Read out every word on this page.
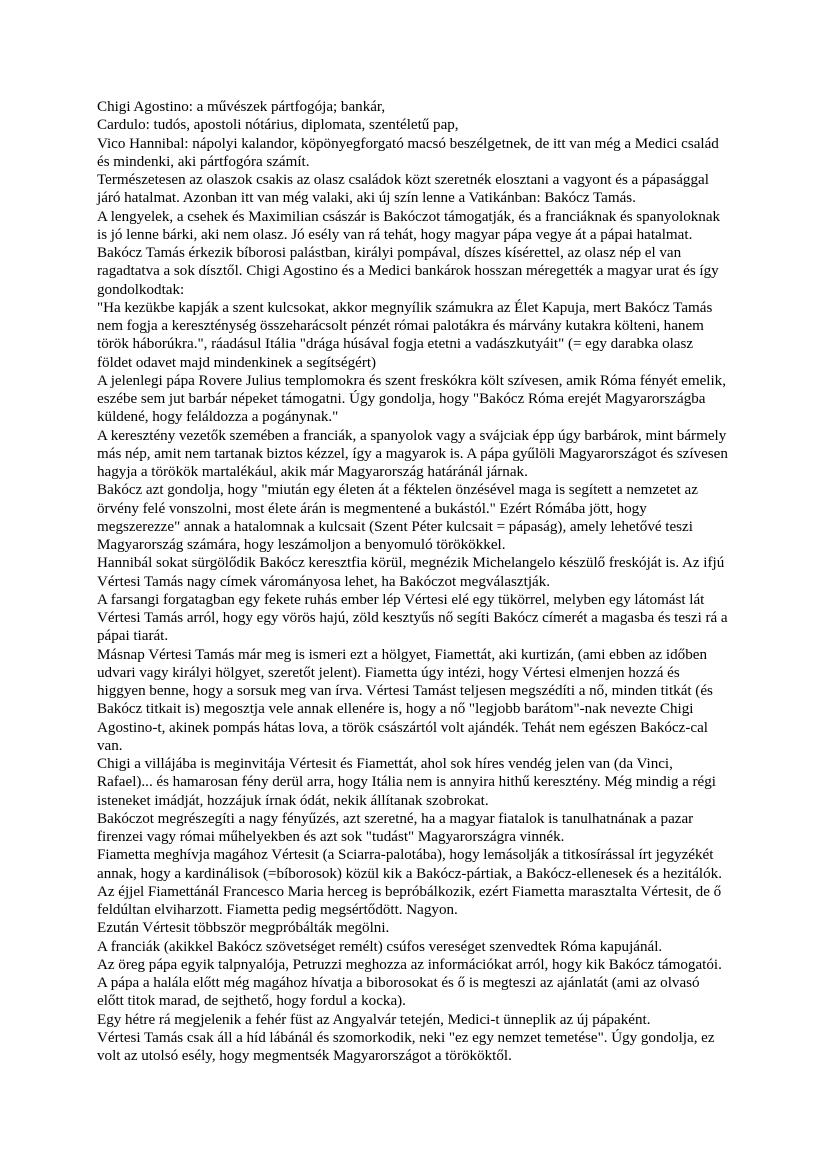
Chigi Agostino: a művészek pártfogója; bankár,

Cardulo: tudós, apostoli nótárius, diplomata, szentéletű pap,

Vico Hannibal: nápolyi kalandor, köpönyegforgató macsó beszélgetnek, de itt van még a Medici család és mindenki, aki pártfogóra számít.

Természetesen az olaszok csakis az olasz családok közt szeretnék elosztani a vagyont és a pápasággal járó hatalmat. Azonban itt van még valaki, aki új szín lenne a Vatikánban: Bakócz Tamás.

A lengyelek, a csehek és Maximilian császár is Bakóczot támogatják, és a franciáknak és spanyoloknak is jó lenne bárki, aki nem olasz. Jó esély van rá tehát, hogy magyar pápa vegye át a pápai hatalmat.

Bakócz Tamás érkezik bíborosi palástban, királyi pompával, díszes kísérettel, az olasz nép el van ragadtatva a sok dísztől. Chigi Agostino és a Medici bankárok hosszan méregették a magyar urat és így gondolkodtak:

"Ha kezükbe kapják a szent kulcsokat, akkor megnyílik számukra az Élet Kapuja, mert Bakócz Tamás nem fogja a kereszténység összeharácsolt pénzét római palotákra és márvány kutakra költeni, hanem török háborúkra.", ráadásul Itália "drága húsával fogja etetni a vadászkutyáit" (= egy darabka olasz földet odavet majd mindenkinek a segítségért)

A jelenlegi pápa Rovere Julius templomokra és szent freskókra költ szívesen, amik Róma fényét emelik, eszébe sem jut barbár népeket támogatni. Úgy gondolja, hogy "Bakócz Róma erejét Magyarországba küldené, hogy feláldozza a pogánynak."

A keresztény vezetők szemében a franciák, a spanyolok vagy a svájciak épp úgy barbárok, mint bármely más nép, amit nem tartanak biztos kézzel, így a magyarok is. A pápa gyűlöli Magyarországot és szívesen hagyja a törökök martalékául, akik már Magyarország határánál járnak.

Bakócz azt gondolja, hogy "miután egy életen át a féktelen önzésével maga is segített a nemzetet az örvény felé vonszolni, most élete árán is megmentené a bukástól." Ezért Rómába jött, hogy megszerezze" annak a hatalomnak a kulcsait (Szent Péter kulcsait = pápaság), amely lehetővé teszi Magyarország számára, hogy leszámoljon a benyomuló törökökkel.

Hannibál sokat sürgölődik Bakócz keresztfia körül, megnézik Michelangelo készülő freskóját is. Az ifjú Vértesi Tamás nagy címek várományosa lehet, ha Bakóczot megválasztják.

A farsangi forgatagban egy fekete ruhás ember lép Vértesi elé egy tükörrel, melyben egy látomást lát Vértesi Tamás arról, hogy egy vörös hajú, zöld kesztyűs nő segíti Bakócz címerét a magasba és teszi rá a pápai tiarát.

Másnap Vértesi Tamás már meg is ismeri ezt a hölgyet, Fiamettát, aki kurtizán, (ami ebben az időben udvari vagy királyi hölgyet, szeretőt jelent). Fiametta úgy intézi, hogy Vértesi elmenjen hozzá és higgyen benne, hogy a sorsuk meg van írva. Vértesi Tamást teljesen megszédíti a nő, minden titkát (és Bakócz titkait is) megosztja vele annak ellenére is, hogy a nő "legjobb barátom"-nak nevezte Chigi Agostino-t, akinek pompás hátas lova, a török császártól volt ajándék. Tehát nem egészen Bakócz-cal van.

Chigi a villájába is meginvitája Vértesit és Fiamettát, ahol sok híres vendég jelen van (da Vinci, Rafael)... és hamarosan fény derül arra, hogy Itália nem is annyira hithű keresztény. Még mindig a régi isteneket imádját, hozzájuk írnak ódát, nekik állítanak szobrokat.

Bakóczot megrészegíti a nagy fényűzés, azt szeretné, ha a magyar fiatalok is tanulhatnának a pazar firenzei vagy római műhelyekben és azt sok "tudást" Magyarországra vinnék.

Fiametta meghívja magához Vértesit (a Sciarra-palotába), hogy lemásolják a titkosírással írt jegyzékét annak, hogy a kardinálisok (=bíborosok) közül kik a Bakócz-pártiak, a Bakócz-ellenesek és a hezitálók.

Az éjjel Fiamettánál Francesco Maria herceg is bepróbálkozik, ezért Fiametta marasztalta Vértesit, de ő feldúltan elviharzott. Fiametta pedig megsértődött. Nagyon.

Ezután Vértesit többször megpróbálták megölni.

A franciák (akikkel Bakócz szövetséget remélt) csúfos vereséget szenvedtek Róma kapujánál.

Az öreg pápa egyik talpnyalója, Petruzzi meghozza az információkat arról, hogy kik Bakócz támogatói. A pápa a halála előtt még magához hívatja a biborosokat és ő is megteszi az ajánlatát (ami az olvasó előtt titok marad, de sejthető, hogy fordul a kocka).

Egy hétre rá megjelenik a fehér füst az Angyalvár tetején, Medici-t ünneplik az új pápaként.

Vértesi Tamás csak áll a híd lábánál és szomorkodik, neki "ez egy nemzet temetése". Úgy gondolja, ez volt az utolsó esély, hogy megmentsék Magyarországot a törököktől.
